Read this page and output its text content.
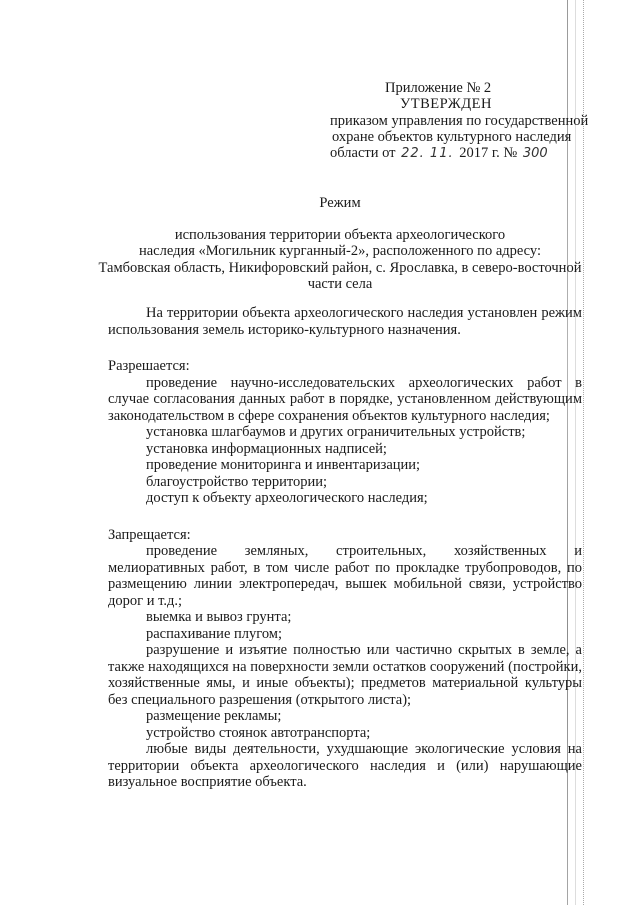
Приложение № 2
УТВЕРЖДЕН
приказом управления по государственной
охране объектов культурного наследия
области от 22. 11. 2017 г. № 300
Режим
использования территории объекта археологического
наследия «Могильник курганный-2», расположенного по адресу:
Тамбовская область, Никифоровский район, с. Ярославка, в северо-восточной
части села

На территории объекта археологического наследия установлен режим использования земель историко-культурного назначения.

Разрешается:

проведение научно-исследовательских археологических работ в случае согласования данных работ в порядке, установленном действующим законодательством в сфере сохранения объектов культурного наследия;

установка шлагбаумов и других ограничительных устройств;

установка информационных надписей;

проведение мониторинга и инвентаризации;

благоустройство территории;

доступ к объекту археологического наследия;

Запрещается:

проведение земляных, строительных, хозяйственных и мелиоративных работ, в том числе работ по прокладке трубопроводов, по размещению линии электропередач, вышек мобильной связи, устройство дорог и т.д.;

выемка и вывоз грунта;

распахивание плугом;

разрушение и изъятие полностью или частично скрытых в земле, а также находящихся на поверхности земли остатков сооружений (постройки, хозяйственные ямы, и иные объекты); предметов материальной культуры без специального разрешения (открытого листа);

размещение рекламы;

устройство стоянок автотранспорта;

любые виды деятельности, ухудшающие экологические условия на территории объекта археологического наследия и (или) нарушающие визуальное восприятие объекта.
